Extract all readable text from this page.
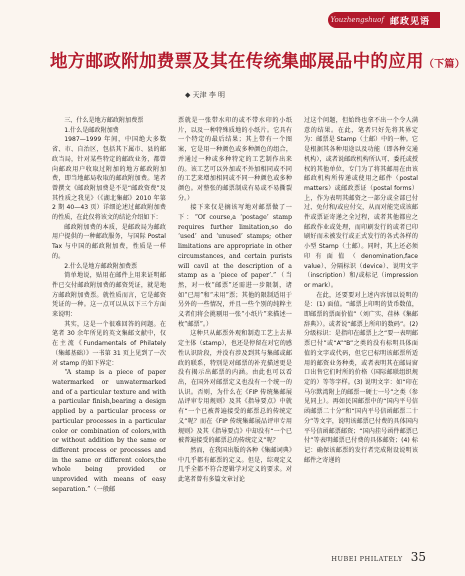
Youzhengshuof 邮政见语
地方邮政附加费票及其在传统集邮展品中的应用（下篇）
◆ 天津 李 明

三、什么是地方邮政附加费票

1.什么是邮政附加费

1987—1999 年间，中国绝大多数省、市、自治区，包括其下属市、县的邮政当局，针对某些特定的邮政业务，都曾向邮政用户收取过附加的地方邮政附加费，即当地邮局收取的邮政附加费。笔者曾撰文《邮政附加费是不是“邮政资费”及其性质之我见》（《湖北集邮》2010 年第 2 期 40—43 页）详细论述过邮政附加费的性质，在此仅将该文的结论介绍如下：

邮政附加费的本质，是邮政局为邮政用户提供的一种邮政服务，与国际 Postal Tax 与中国的邮政附加费，性质是一样的。

2.什么是地方邮政附加费票

简单地说，贴用在邮件上用来证明邮件已交付邮政附加费的邮资凭证，就是地方邮政附加费票。就性质而言，它是邮资凭证的一种。这一点可以从以下三个方面来说明：

其实，这是一个很难回答的问题。在笔者 30 余年所见的英文集邮文献中，仅在主流《Fundamentals of Philately（集邮基础）》一书第 31 页上见到了一次对 stamp 的如下界定：

“A stamp is a piece of paper watermarked or unwatermarked and of a particular texture and with a particular finish,bearing a design applied by a particular process or particular processes in a particular color or combination of colors,with or without addition by the same or different process or processes and in the same or different colors,the whole being provided or unprovided with means of easy separation.”（一般邮

票就是一张带水印的或不带水印的小纸片，以及一种特殊质地的小纸片。它具有一个特定的最后结果；其上带有一个图案，它是用一种颜色或多种颜色的组合，并通过一种或多种特定的工艺制作出来的。该工艺可以外加或不外加相同或不同的工艺来增加相同或不同一种颜色或多种颜色。对整张的邮票制成有易或不易撕裂分。）

接下来仅是摘该写地对邮票做了一下：“Of course,a ‘postage’ stamp requires further limitation,so do ‘used’ and ‘unused’ stamps; other limitations are appropriate in other circumstances, and certain purists will cavil at the description of a stamp as a ‘piece of paper’.”（当然，对一枚“邮票”还需进一步限制，诸如“已用”和“未用”票；其他的限制适用于另外的一些情况，并且一些个别的纯粹主义者们将会挑剔用一张“小纸片”来描述一枚“邮票”。）

这种只从邮票外观和制造工艺上去界定主体（stamp），也还是停留在对它的感性认识阶段，并没有涉及到其与集邮或邮政的联系，特别是对邮票的补充描述更是没有揭示出邮票的内涵。由此也可以看出，在国外对邮票定义也没有一个统一的认识。否则，为什么在《FIP 传统集邮展品评审专用规则》及其《指导要点》中就有“一个已被普遍接受的邮票总的传统定义”呢？而在《FIP 传统集邮展品评审专用规则》及其《指导要点》中却没有“一个已被普遍接受的邮票总的传统定义”呢？

然而，在我国出版的各种《集邮词典》中几乎都有邮票的定义。但是，综观定义几乎全都不符合逻辑学对定义的要求。对此笔者曾有多篇文章讨论

过这个问题，但始终也拿不出一个令人满意的结果。在此，笔者只好先将其界定为：邮票是 Stamp（土邮）中的一种。它是根据其各种用途以及功能（即各种交通机构），或者说邮政机构所认可、委托或授权的其他单位，专门为了将其邮用在由该邮政机构所传递或使用之邮件（postal matters）或邮政票证（postal forms）上，作为表明其邮资之一部分或全部已付过、免付和/或应付交，从而对能完成该邮件或票证寄递之全过程，或者其他都应之邮政作业或处理，而印刷发行的或者已印刷好而未被发行或正式发行的各式各样的小型 Stamp（土邮）。同时，其上还必须印有面值（denomination,face value）、分隔标识（device）、说明文字（inscription）和/或标记（impression or mark）。

在此，还要要对上述内容加以说明的是：(1) 面值。“邮票上印明的货币数值，即邮票的票面价值”（刘广实、荏林《集邮辞典》）。或者说“邮票上所印的数码”。(2) 分级标识：是指印在邮票上之“要一表明邮票已付”或“A”“B”之类的没有标明具体面值的文字或代码，但它已标明该邮票所适用的邮资业务种类，或者表明其在邮局窗口出售它们时所的价格（国际邮联组织规定的）等等字样。(3) 说明文字：如“印在马尔默湾附上的邮票一硬士一号”之类（参见同上）。再如民国邮票中的“国内平号信函邮票二十分”和“国内平号信函邮票二十分”等文字，说明该邮票已付费的具体国内平号信函邮票邮资；“国内挂号函件邮票已付”等表明邮票已付费的具体邮资；(4) 标记：确保该邮票的发行者完成附设说明该邮件之寄递的

HUBEI PHILATELY 35
